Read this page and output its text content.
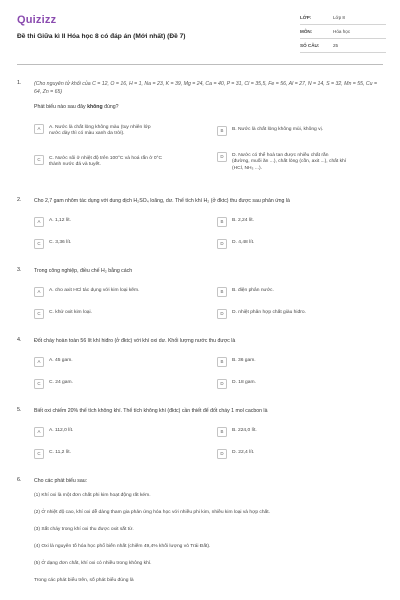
Quizizz
Đề thi Giữa kì II Hóa học 8 có đáp án (Mới nhất) (Đề 7)
LỚP:	Lớp 8
MÔN:	Hóa học
SỐ CÂU:	25
1. (Cho nguyên tử khối của C = 12, O = 16, H = 1, Na = 23, K = 39, Mg = 24, Ca = 40, P = 31, Cl = 35,5, Fe = 56, Al = 27, N = 14, S = 32, Mn = 55, Cu = 64, Zn = 65)
Phát biểu nào sau đây không đúng?
A	A. Nước là chất lỏng không màu (tuy nhiên lớp
nước dày thì có màu xanh da trời).
B	B. Nước là chất lỏng không mùi, không vị.
C	C. Nước sôi ở nhiệt độ trên 100°C và hoá rắn ở 0°C
thành nước đá và tuyết.
D	D. Nước có thể hoà tan được nhiều chất rắn
(đường, muối ăn ...), chất lỏng (cồn, axit ...), chất khí
(HCl, NH₃ ...).
2. Cho 2,7 gam nhôm tác dụng với dung dịch H₂SO₄ loãng, dư. Thể tích khí H₂ (ở đktc) thu được sau phản ứng là
A	A. 1,12 lít.	B	B. 2,24 lít.
C	C. 3,36 lít.	D	D. 4,48 lít.
3. Trong công nghiệp, điều chế H₂ bằng cách
A	A. cho axit HCl tác dụng với kim loại kẽm.	B	B. điện phân nước.
C	C. khử oxit kim loại.	D	D. nhiệt phân hợp chất giàu hiđro.
4. Đốt cháy hoàn toàn 56 lít khí hiđro (ở đktc) với khí oxi dư. Khối lượng nước thu được là
A	A. 45 gam.	B	B. 36 gam.
C	C. 24 gam.	D	D. 18 gam.
5. Biết oxi chiếm 20% thể tích không khí. Thể tích không khí (đktc) cần thiết để đốt cháy 1 mol cacbon là
A	A. 112,0 lít.	B	B. 224,0 lít.
C	C. 11,2 lít.	D	D. 22,4 lít.
6. Cho các phát biểu sau:
(1) Khí oxi là một đơn chất phi kim hoạt động rất kém.
(2) Ở nhiệt độ cao, khí oxi dễ dàng tham gia phản ứng hóa học với nhiều phi kim, nhiều kim loại và hợp chất.
(3) Sắt cháy trong khí oxi thu được oxit sắt từ.
(4) Oxi là nguyên tố hóa học phổ biến nhất (chiếm 49,4% khối lượng vỏ Trái Đất).
(5) Ở dạng đơn chất, khí oxi có nhiều trong không khí.
Trong các phát biểu trên, số phát biểu đúng là
